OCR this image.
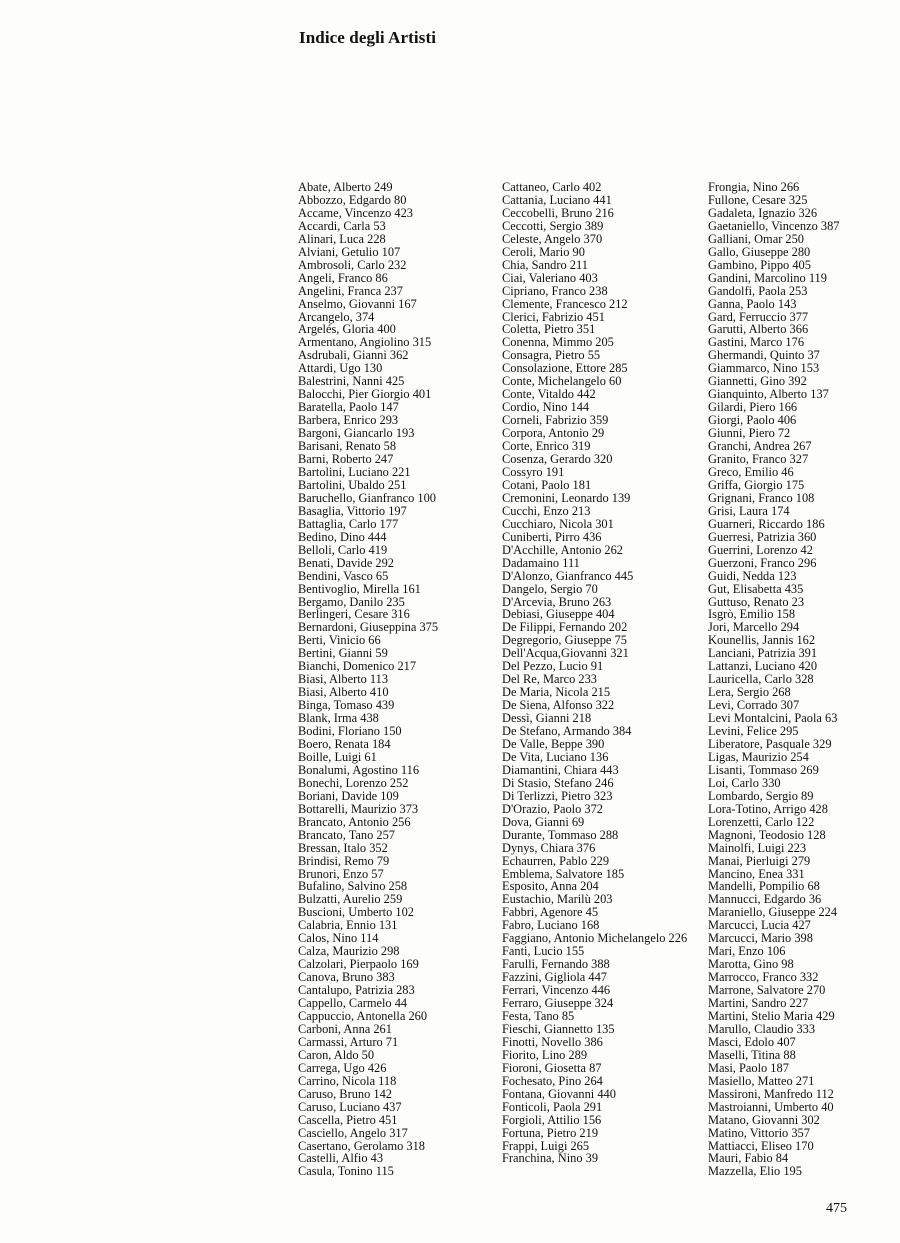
Indice degli Artisti
Abate, Alberto 249
Abbozzo, Edgardo 80
Accame, Vincenzo 423
Accardi, Carla 53
Alinari, Luca 228
Alviani, Getulio 107
Ambrosoli, Carlo 232
Angeli, Franco 86
Angelini, Franca 237
Anselmo, Giovanni 167
Arcangelo, 374
Argelés, Gloria 400
Armentano, Angiolino 315
Asdrubali, Gianni 362
Attardi, Ugo 130
Balestrini, Nanni 425
Balocchi, Pier Giorgio 401
Baratella, Paolo 147
Barbera, Enrico 293
Bargoni, Giancarlo 193
Barisani, Renato 58
Barni, Roberto 247
Bartolini, Luciano 221
Bartolini, Ubaldo 251
Baruchello, Gianfranco 100
Basaglia, Vittorio 197
Battaglia, Carlo 177
Bedino, Dino 444
Belloli, Carlo 419
Benati, Davide 292
Bendini, Vasco 65
Bentivoglio, Mirella 161
Bergamo, Danilo 235
Berlingeri, Cesare 316
Bernardoni, Giuseppina 375
Berti, Vinicio 66
Bertini, Gianni 59
Bianchi, Domenico 217
Biasi, Alberto 113
Biasi, Alberto 410
Binga, Tomaso 439
Blank, Irma 438
Bodini, Floriano 150
Boero, Renata 184
Boille, Luigi 61
Bonalumi, Agostino 116
Bonechi, Lorenzo 252
Boriani, Davide 109
Bottarelli, Maurizio 373
Brancato, Antonio 256
Brancato, Tano 257
Bressan, Italo 352
Brindisi, Remo 79
Brunori, Enzo 57
Bufalino, Salvino 258
Bulzatti, Aurelio 259
Buscioni, Umberto 102
Calabria, Ennio 131
Calos, Nino 114
Calza, Maurizio 298
Calzolari, Pierpaolo 169
Canova, Bruno 383
Cantalupo, Patrizia 283
Cappello, Carmelo 44
Cappuccio, Antonella 260
Carboni, Anna 261
Carmassi, Arturo 71
Caron, Aldo 50
Carrega, Ugo 426
Carrino, Nicola 118
Caruso, Bruno 142
Caruso, Luciano 437
Cascella, Pietro 451
Casciello, Angelo 317
Casertano, Gerolamo 318
Castelli, Alfio 43
Casula, Tonino 115
Cattaneo, Carlo 402
Cattania, Luciano 441
Ceccobelli, Bruno 216
Ceccotti, Sergio 389
Celeste, Angelo 370
Ceroli, Mario 90
Chia, Sandro 211
Ciai, Valeriano 403
Cipriano, Franco 238
Clemente, Francesco 212
Clerici, Fabrizio 451
Coletta, Pietro 351
Conenna, Mimmo 205
Consagra, Pietro 55
Consolazione, Ettore 285
Conte, Michelangelo 60
Conte, Vitaldo 442
Cordio, Nino 144
Corneli, Fabrizio 359
Corpora, Antonio 29
Corte, Enrico 319
Cosenza, Gerardo 320
Cossyro 191
Cotani, Paolo 181
Cremonini, Leonardo 139
Cucchi, Enzo 213
Cucchiaro, Nicola 301
Cuniberti, Pirro 436
D'Acchille, Antonio 262
Dadamaino 111
D'Alonzo, Gianfranco 445
Dangelo, Sergio 70
D'Arcevia, Bruno 263
Debiasi, Giuseppe 404
De Filippi, Fernando 202
Degregorio, Giuseppe 75
Dell'Acqua,Giovanni 321
Del Pezzo, Lucio 91
Del Re, Marco 233
De Maria, Nicola 215
De Siena, Alfonso 322
Dessì, Gianni 218
De Stefano, Armando 384
De Valle, Beppe 390
De Vita, Luciano 136
Diamantini, Chiara 443
Di Stasio, Stefano 246
Di Terlizzi, Pietro 323
D'Orazio, Paolo 372
Dova, Gianni 69
Durante, Tommaso 288
Dynys, Chiara 376
Echaurren, Pablo 229
Emblema, Salvatore 185
Esposito, Anna 204
Eustachio, Marilù 203
Fabbri, Agenore 45
Fabro, Luciano 168
Faggiano, Antonio Michelangelo 226
Fanti, Lucio 155
Farulli, Fernando 388
Fazzini, Gigliola 447
Ferrari, Vincenzo 446
Ferraro, Giuseppe 324
Festa, Tano 85
Fieschi, Giannetto 135
Finotti, Novello 386
Fiorito, Lino 289
Fioroni, Giosetta 87
Fochesato, Pino 264
Fontana, Giovanni 440
Fonticoli, Paola 291
Forgioli, Attilio 156
Fortuna, Pietro 219
Frappi, Luigi 265
Franchina, Nino 39
Frongia, Nino 266
Fullone, Cesare 325
Gadaleta, Ignazio 326
Gaetaniello, Vincenzo 387
Galliani, Omar 250
Gallo, Giuseppe 280
Gambino, Pippo 405
Gandini, Marcolino 119
Gandolfi, Paola 253
Ganna, Paolo 143
Gard, Ferruccio 377
Garutti, Alberto 366
Gastini, Marco 176
Ghermandi, Quinto 37
Giammarco, Nino 153
Giannetti, Gino 392
Gianquinto, Alberto 137
Gilardi, Piero 166
Giorgi, Paolo 406
Giunni, Piero 72
Granchi, Andrea 267
Granito, Franco 327
Greco, Emilio 46
Griffa, Giorgio 175
Grignani, Franco 108
Grisi, Laura 174
Guarneri, Riccardo 186
Guerresi, Patrizia 360
Guerrini, Lorenzo 42
Guerzoni, Franco 296
Guidi, Nedda 123
Gut, Elisabetta 435
Guttuso, Renato 23
Isgrò, Emilio 158
Jori, Marcello 294
Kounellis, Jannis 162
Lanciani, Patrizia 391
Lattanzi, Luciano 420
Lauricella, Carlo 328
Lera, Sergio 268
Levi, Corrado 307
Levi Montalcini, Paola 63
Levini, Felice 295
Liberatore, Pasquale 329
Ligas, Maurizio 254
Lisanti, Tommaso 269
Loi, Carlo 330
Lombardo, Sergio 89
Lora-Totino, Arrigo 428
Lorenzetti, Carlo 122
Magnoni, Teodosio 128
Mainolfi, Luigi 223
Manai, Pierluigi 279
Mancino, Enea 331
Mandelli, Pompilio 68
Mannucci, Edgardo 36
Maraniello, Giuseppe 224
Marcucci, Lucia 427
Marcucci, Mario 398
Mari, Enzo 106
Marotta, Gino 98
Marrocco, Franco 332
Marrone, Salvatore 270
Martini, Sandro 227
Martini, Stelio Maria 429
Marullo, Claudio 333
Masci, Edolo 407
Maselli, Titina 88
Masi, Paolo 187
Masiello, Matteo 271
Massironi, Manfredo 112
Mastroianni, Umberto 40
Matano, Giovanni 302
Matino, Vittorio 357
Mattiacci, Eliseo 170
Mauri, Fabio 84
Mazzella, Elio 195
475
